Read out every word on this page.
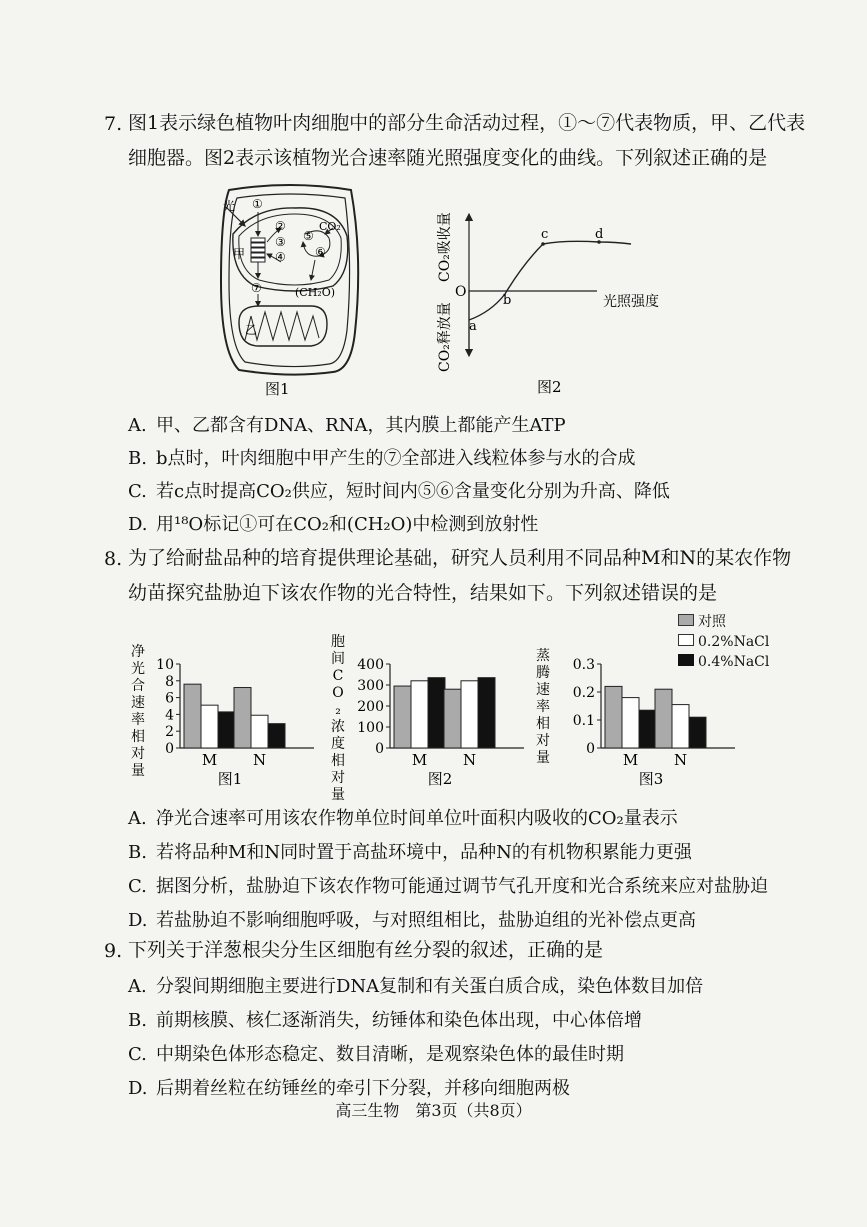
7. 图1表示绿色植物叶肉细胞中的部分生命活动过程，①～⑦代表物质，甲、乙代表细胞器。图2表示该植物光合速率随光照强度变化的曲线。下列叙述正确的是
光 ①
②
③
④
⑤
⑥
⑦
CO₂
(CH₂O)
甲
乙
图1
a
b
c	d
O
光照强度
CO₂吸收量
CO₂释放量
图2
A. 甲、乙都含有DNA、RNA，其内膜上都能产生ATP
B. b点时，叶肉细胞中甲产生的⑦全部进入线粒体参与水的合成
C. 若c点时提高CO₂供应，短时间内⑤⑥含量变化分别为升高、降低
D. 用¹⁸O标记①可在CO₂和(CH₂O)中检测到放射性
8. 为了给耐盐品种的培育提供理论基础，研究人员利用不同品种M和N的某农作物幼苗探究盐胁迫下该农作物的光合特性，结果如下。下列叙述错误的是
对照
0.2%NaCl
0.4%NaCl
10
8
6
4
2
0
净
光
合
速
率
相
对
量
M N
图1
400
300
200
100
0
胞
间
C
O
₂
浓
度
相
对
量
M N
图2
0.3
0.2
0.1
0
蒸
腾
速
率
相
对
量	M N
图3
A. 净光合速率可用该农作物单位时间单位叶面积内吸收的CO₂量表示
B. 若将品种M和N同时置于高盐环境中，品种N的有机物积累能力更强
C. 据图分析，盐胁迫下该农作物可能通过调节气孔开度和光合系统来应对盐胁迫
D. 若盐胁迫不影响细胞呼吸，与对照组相比，盐胁迫组的光补偿点更高
9. 下列关于洋葱根尖分生区细胞有丝分裂的叙述，正确的是
A. 分裂间期细胞主要进行DNA复制和有关蛋白质合成，染色体数目加倍
B. 前期核膜、核仁逐渐消失，纺锤体和染色体出现，中心体倍增
C. 中期染色体形态稳定、数目清晰，是观察染色体的最佳时期
D. 后期着丝粒在纺锤丝的牵引下分裂，并移向细胞两极
高三生物　第3页（共8页）
